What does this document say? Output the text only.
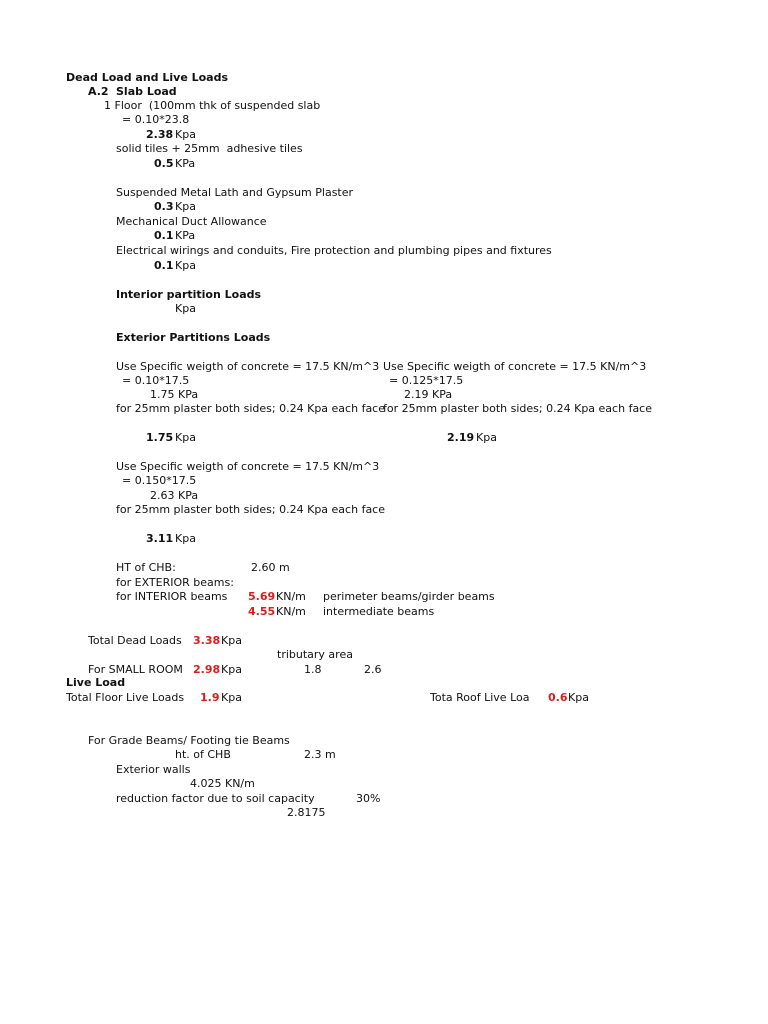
Dead Load and Live Loads
A.2 Slab Load
1 Floor  (100mm thk of suspended slab
= 0.10*23.8
2.38 Kpa
solid tiles + 25mm  adhesive tiles
0.5 KPa
Suspended Metal Lath and Gypsum Plaster
0.3 Kpa
Mechanical Duct Allowance
0.1 KPa
Electrical wirings and conduits, Fire protection and plumbing pipes and fixtures
0.1 Kpa
Interior partition Loads
Kpa
Exterior Partitions Loads
Use Specific weigth of concrete = 17.5 KN/m^3
= 0.10*17.5
1.75 KPa
for 25mm plaster both sides; 0.24 Kpa each face
1.75 Kpa
Use Specific weigth of concrete = 17.5 KN/m^3
= 0.125*17.5
2.19 KPa
for 25mm plaster both sides; 0.24 Kpa each face
2.19 Kpa
Use Specific weigth of concrete = 17.5 KN/m^3
= 0.150*17.5
2.63 KPa
for 25mm plaster both sides; 0.24 Kpa each face
3.11 Kpa
HT of CHB:	2.60 m
for EXTERIOR beams:
for INTERIOR beams 5.69 KN/m perimeter beams/girder beams
4.55 KN/m intermediate beams
Total Dead Loads 3.38 Kpa
tributary area
For SMALL ROOM 2.98 Kpa	1.8	2.6
Live Load
Total Floor Live Loads 1.9 Kpa	Tota Roof Live Loa 0.6 Kpa
For Grade Beams/ Footing tie Beams
ht. of CHB	2.3 m
Exterior walls
4.025 KN/m
reduction factor due to soil capacity	30%
2.8175
